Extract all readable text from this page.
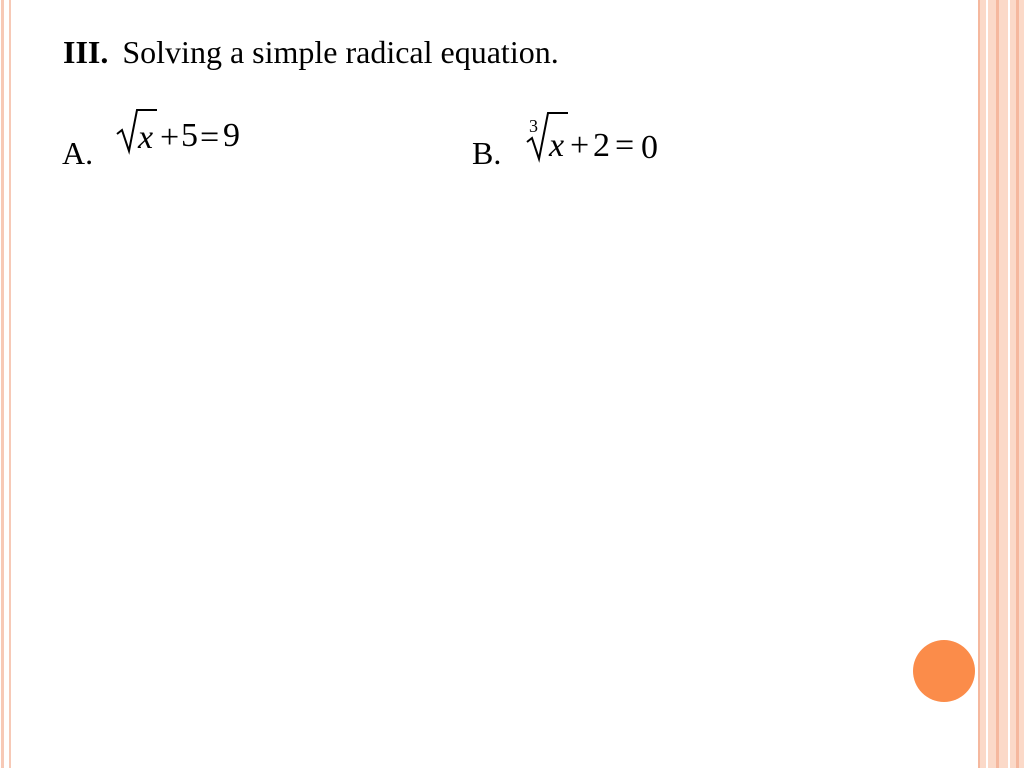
III. Solving a simple radical equation.
A. x + 5 = 9	B.
3
x + 2 = 0
